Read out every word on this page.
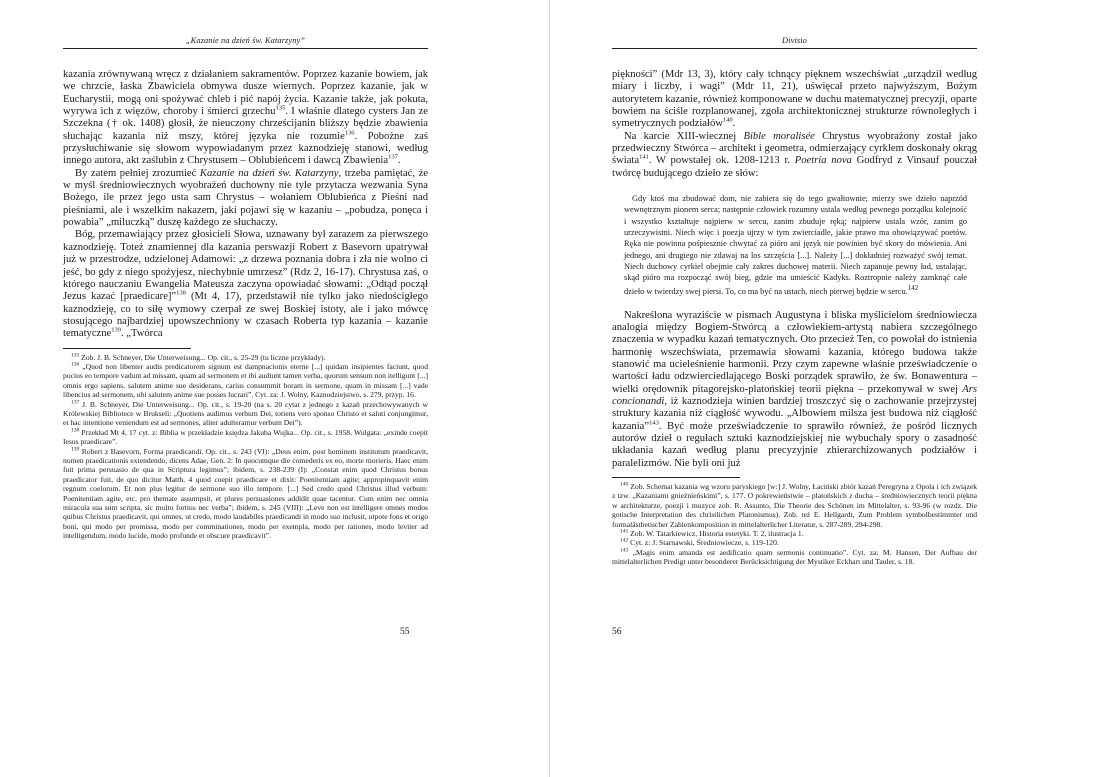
„Kazanie na dzień św. Katarzyny”

kazania zrównywaną wręcz z działaniem sakramentów. Poprzez kazanie bowiem, jak we chrzcie, łaska Zbawiciela obmywa dusze wiernych. Poprzez kazanie, jak w Eucharystii, mogą oni spożywać chleb i pić napój życia. Kazanie także, jak pokuta, wyrywa ich z więzów, choroby i śmierci grzechu$^{135}$. I właśnie dlatego cysters Jan ze Szczekna († ok. 1408) głosił, że nieuczony chrześcijanin bliższy będzie zbawienia słuchając kazania niż mszy, której języka nie rozumie$^{136}$. Pobożne zaś przysłuchiwanie się słowom wypowiadanym przez kaznodzieję stanowi, według innego autora, akt zaślubin z Chrystusem – Oblubieńcem i dawcą Zbawienia$^{137}$.

By zatem pełniej zrozumieć Kazanie na dzień św. Katarzyny, trzeba pamiętać, że w myśl średniowiecznych wyobrażeń duchowny nie tyle przytacza wezwania Syna Bożego, ile przez jego usta sam Chrystus – wołaniem Oblubieńca z Pieśni nad pieśniami, ale i wszelkim nakazem, jaki pojawi się w kazaniu – „pobudza, ponęca i powabia” „miluczką” duszę każdego ze słuchaczy.

Bóg, przemawiający przez głosicieli Słowa, uznawany był zarazem za pierwszego kaznodzieję. Toteż znamiennej dla kazania perswazji Robert z Basevorn upatrywał już w przestrodze, udzielonej Adamowi: „z drzewa poznania dobra i zła nie wolno ci jeść, bo gdy z niego spożyjesz, niechybnie umrzesz” (Rdz 2, 16-17). Chrystusa zaś, o którego nauczaniu Ewangelia Mateusza zaczyna opowiadać słowami: „Odtąd począł Jezus kazać [praedicare]”$^{138}$ (Mt 4, 17), przedstawił nie tylko jako niedościgłego kaznodzieję, co to siłę wymowy czerpał ze swej Boskiej istoty, ale i jako mówcę stosującego najbardziej upowszechniony w czasach Roberta typ kazania – kazanie tematyczne$^{139}$. „Twórca

$^{135}$ Zob. J. B. Schneyer, Die Unterweisung... Op. cit., s. 25-29 (tu liczne przykłady).

$^{136}$ „Quod non libenter audis predicatorem signum est dampnacionis eterne [...] quidam insipientes faciunt, quod pocius eo tempore vadunt ad missam, quam ad sermonem et ibi audiunt tamen verba, quorum sensum non itelligunt [...] omnis ergo sapiens, salutem anime sue desiderans, carius consummit horam in sermone, quam in missam [...] vade libencius ad sermonem, ubi salutem anime sue posses lucrari”. Cyt. za: J. Wolny, Kaznodziejstwo, s. 279, przyp. 16.

$^{137}$ J. B. Schneyer, Die Unterweisung... Op. cit., s. 19-20 (na s. 20 cytat z jednego z kazań przechowywanych w Królewskiej Bibliotece w Brukseli: „Quotiens audimus verbum Dei, totiens vero sponso Christo et saluti conjungimur, et hac intentione veniendum est ad sermones, aliter adulteramur verbum Dei”).

$^{138}$ Przekład Mt 4, 17 cyt. z: Biblia w przekładzie księdza Jakuba Wujka... Op. cit., s. 1958. Wulgata: „exinde coepit Iesus praedicare”.

$^{139}$ Robert z Basevorn, Forma praedicandi. Op. cit., s. 243 (VI): „Deus enim, post hominem institutum praedicavit, nomen praedicationis extendendo, dicens Adae, Gen. 2: In quocumque die comederis ex eo, morte morieris. Haec enim fuit prima persuasio de qua in Scriptura legimus”; ibidem, s. 238-239 (I): „Constat enim quod Christus bonus praedicator fuit, de quo dicitur Matth. 4 quod coepit praedicare et dixit: Poenitentiam agite; appropinquavit enim regnum coelorum. Et non plus legitur de sermone suo illo tempore. [...] Sed credo quod Christus illud verbum: Poenitentiam agite, etc. pro themate assumpsit, et plures persuasiones addidit quae tacentur. Cum enim nec omnia miracula sua sunt scripta, sic multo fortius nec verba”; ibidem, s. 245 (VIII): „Leve non est intelligere omnes modos quibus Christus praedicavit, qui omnes, ut credo, modo laudabiles praedicandi in modo suo inclusit, utpote fons et origo boni, qui modo per promissa, modo per comminationes, modo per exempla, modo per rationes, modo leviter ad intelligendum, modo lucide, modo profunde et obscure praedicavit”.

55
Divisio

piękności” (Mdr 13, 3), który cały tchnący pięknem wszechświat „urządził według miary i liczby, i wagi” (Mdr 11, 21), uświęcał przeto najwyższym, Bożym autorytetem kazanie, również komponowane w duchu matematycznej precyzji, oparte bowiem na ściśle rozplanowanej, zgoła architektonicznej strukturze równoległych i symetrycznych podziałów$^{140}$.

Na karcie XIII-wiecznej Bible moralisée Chrystus wyobrażony został jako przedwieczny Stwórca – architekt i geometra, odmierzający cyrklem doskonały okrąg świata$^{141}$. W powstałej ok. 1208-1213 r. Poetria nova Godfryd z Vinsauf pouczał twórcę budującego dzieło ze słów:

Gdy ktoś ma zbudować dom, nie zabiera się do tego gwałtownie; mierzy swe dzieło naprzód wewnętrznym pionem serca; następnie człowiek rozumny ustala według pewnego porządku kolejność i wszystko kształtuje najpierw w sercu, zanim zbuduje ręką; najpierw ustala wzór, zanim go urzeczywistni. Niech więc i poezja ujrzy w tym zwierciadle, jakie prawo ma obowiązywać poetów. Ręka nie powinna pośpiesznie chwytać za pióro ani język nie powinien być skory do mówienia. Ani jednego, ani drugiego nie zdawaj na los szczęścia [...]. Należy [...] dokładniej rozważyć swój temat. Niech duchowy cyrkiel obejmie cały zakres duchowej materii. Niech zapanuje pewny ład, ustalając, skąd pióro ma rozpocząć swój bieg, gdzie ma umieścić Kadyks. Roztropnie należy zamknąć całe dzieło w twierdzy swej piersi. To, co ma być na ustach, niech pierwej będzie w sercu.$^{142}$

Nakreślona wyraziście w pismach Augustyna i bliska myślicielom średniowiecza analogia między Bogiem-Stwórcą a człowiekiem-artystą nabiera szczególnego znaczenia w wypadku kazań tematycznych. Oto przecież Ten, co powołał do istnienia harmonię wszechświata, przemawia słowami kazania, którego budowa także stanowić ma ucieleśnienie harmonii. Przy czym zapewne właśnie przeświadczenie o wartości ładu odzwierciedlającego Boski porządek sprawiło, że św. Bonawentura – wielki orędownik pitagorejsko-platońskiej teorii piękna – przekonywał w swej Ars concionandi, iż kaznodzieja winien bardziej troszczyć się o zachowanie przejrzystej struktury kazania niż ciągłość wywodu. „Albowiem milsza jest budowa niż ciągłość kazania”$^{143}$. Być może przeświadczenie to sprawiło również, że pośród licznych autorów dzieł o regułach sztuki kaznodziejskiej nie wybuchały spory o zasadność układania kazań według planu precyzyjnie zhierarchizowanych podziałów i paralelizmów. Nie byli oni już

$^{140}$ Zob. Schemat kazania wg wzoru paryskiego [w:] J. Wolny, Łaciński zbiór kazań Peregryna z Opola i ich związek z tzw. „Kazaniami gnieźnieńskimi”, s. 177. O pokrewieństwie – platońskich z ducha – średniowiecznych teorii piękna w architekturze, poezji i muzyce zob. R. Assunto, Die Theorie des Schönen im Mittelalter, s. 93-96 (w rozdz. Die gotische Interpretation des christlichen Platonismus). Zob. też E. Hellgardt, Zum Problem symbolbestimmter und formalästhetischer Zahlenkomposition in mittelalterlicher Literatur, s. 287-289, 294-298.

$^{141}$ Zob. W. Tatarkiewicz, Historia estetyki. T. 2, ilustracja 1.

$^{142}$ Cyt. z: J. Starnawski, Średniowiecze, s. 119-120.

$^{143}$ „Magis enim amanda est aedificatio quam sermonis continuatio”. Cyt. za: M. Hansen, Der Aufbau der mittelalterlichen Predigt unter besonderer Berücksichtigung der Mystiker Eckhart und Tauler, s. 18.

56
